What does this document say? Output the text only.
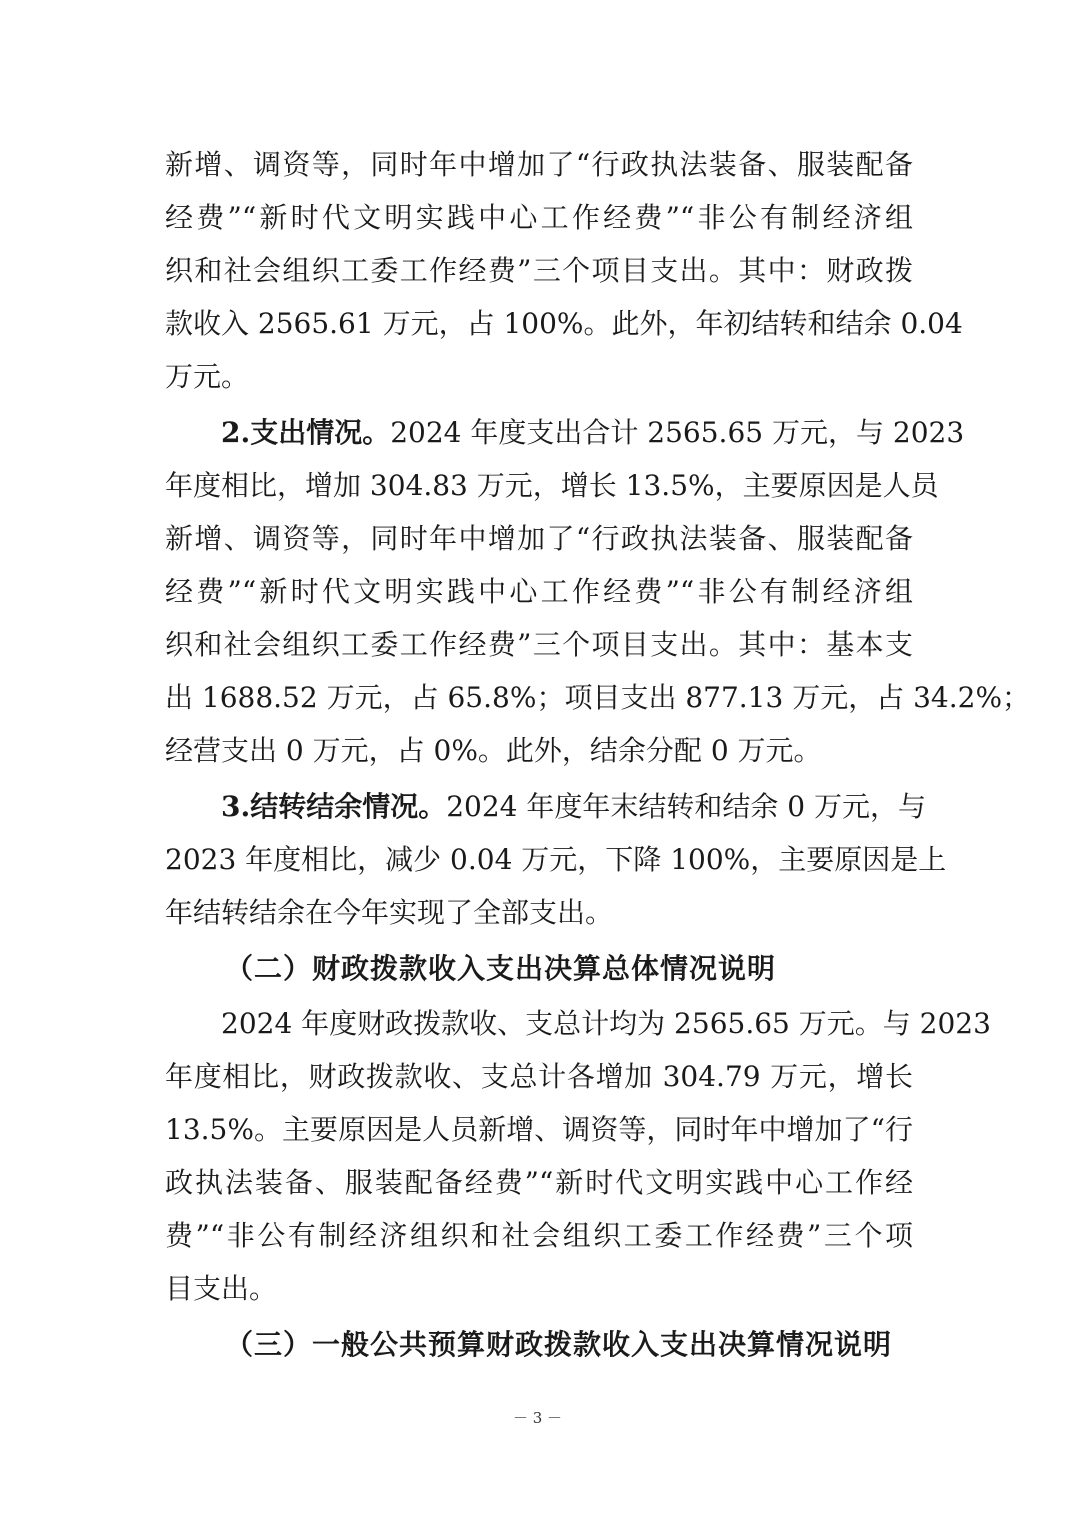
新增、调资等，同时年中增加了“行政执法装备、服装配备
经费”“新时代文明实践中心工作经费”“非公有制经济组
织和社会组织工委工作经费”三个项目支出。其中：财政拨
款收入 2565.61 万元，占 100%。此外，年初结转和结余 0.04
万元。
2.支出情况。2024 年度支出合计 2565.65 万元，与 2023
年度相比，增加 304.83 万元，增长 13.5%，主要原因是人员
新增、调资等，同时年中增加了“行政执法装备、服装配备
经费”“新时代文明实践中心工作经费”“非公有制经济组
织和社会组织工委工作经费”三个项目支出。其中：基本支
出 1688.52 万元，占 65.8%；项目支出 877.13 万元，占 34.2%；
经营支出 0 万元，占 0%。此外，结余分配 0 万元。
3.结转结余情况。2024 年度年末结转和结余 0 万元，与
2023 年度相比，减少 0.04 万元，下降 100%，主要原因是上
年结转结余在今年实现了全部支出。
（二）财政拨款收入支出决算总体情况说明
2024 年度财政拨款收、支总计均为 2565.65 万元。与 2023
年度相比，财政拨款收、支总计各增加 304.79 万元，增长
13.5%。主要原因是人员新增、调资等，同时年中增加了“行
政执法装备、服装配备经费”“新时代文明实践中心工作经
费”“非公有制经济组织和社会组织工委工作经费”三个项
目支出。
（三）一般公共预算财政拨款收入支出决算情况说明
－ 3 －
